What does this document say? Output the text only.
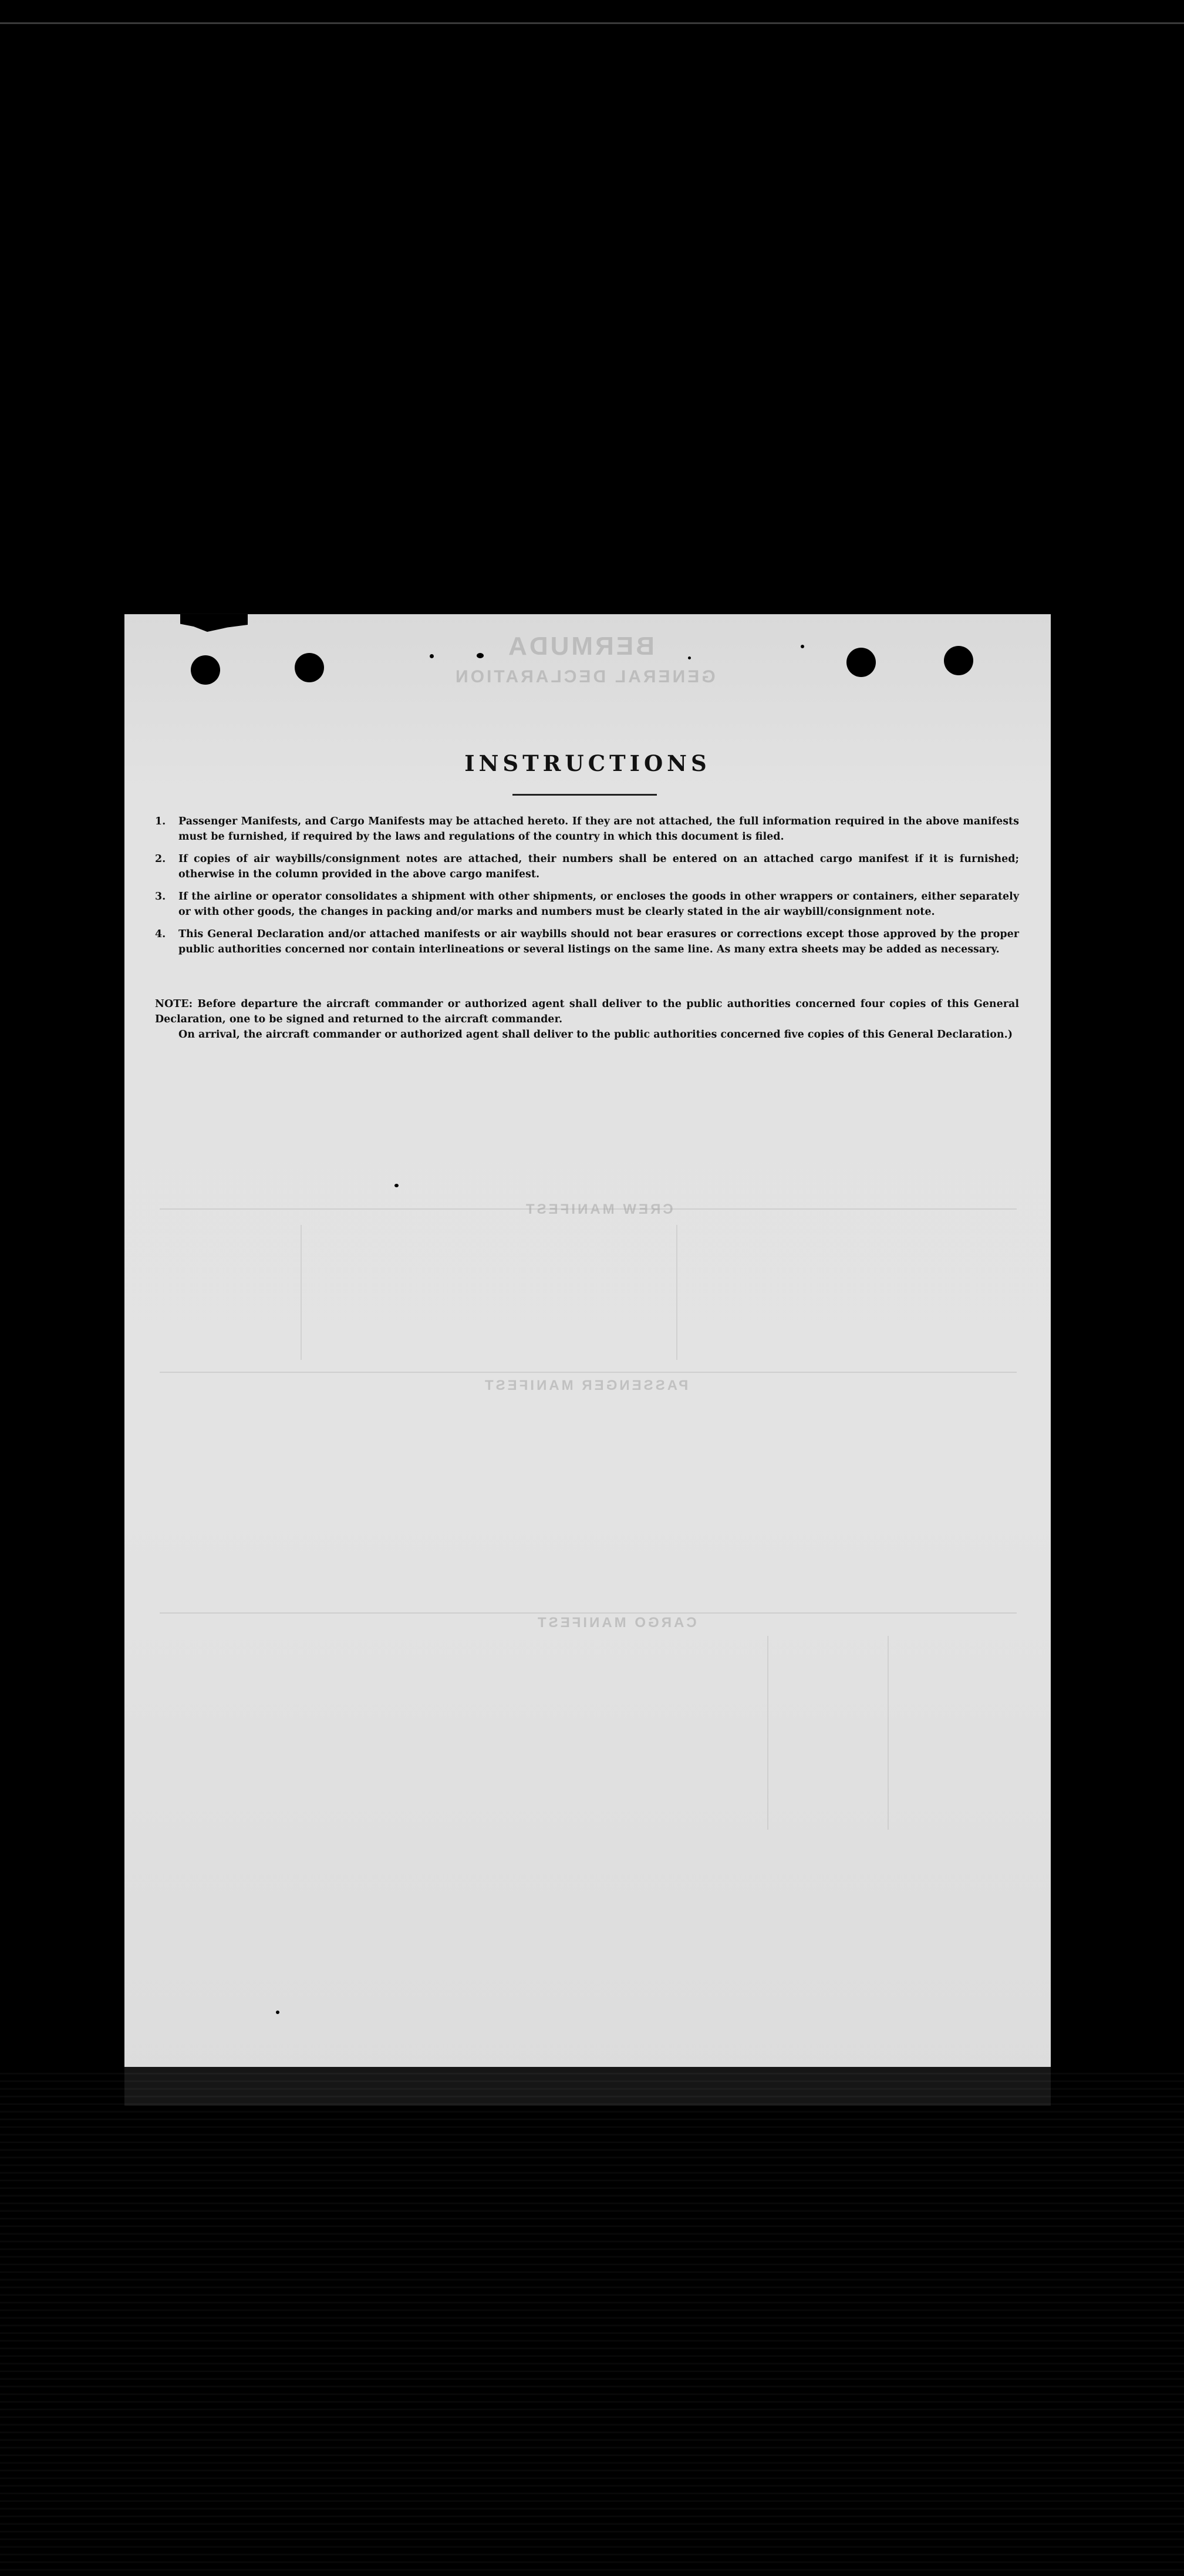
BERMUDA
GENERAL DECLARATION
CREW MANIFEST
PASSENGER MANIFEST
CARGO MANIFEST
INSTRUCTIONS
1. Passenger Manifests, and Cargo Manifests may be attached hereto. If they are not attached, the full information required in the above manifests must be furnished, if required by the laws and regulations of the country in which this document is filed.
2. If copies of air waybills/consignment notes are attached, their numbers shall be entered on an attached cargo manifest if it is furnished; otherwise in the column provided in the above cargo manifest.
3. If the airline or operator consolidates a shipment with other shipments, or encloses the goods in other wrappers or containers, either separately or with other goods, the changes in packing and/or marks and numbers must be clearly stated in the air waybill/consignment note.
4. This General Declaration and/or attached manifests or air waybills should not bear erasures or corrections except those approved by the proper public authorities concerned nor contain interlineations or several listings on the same line. As many extra sheets may be added as necessary.

NOTE: Before departure the aircraft commander or authorized agent shall deliver to the public authorities concerned four copies of this General Declaration, one to be signed and returned to the aircraft commander.

On arrival, the aircraft commander or authorized agent shall deliver to the public authorities concerned five copies of this General Declaration.)
